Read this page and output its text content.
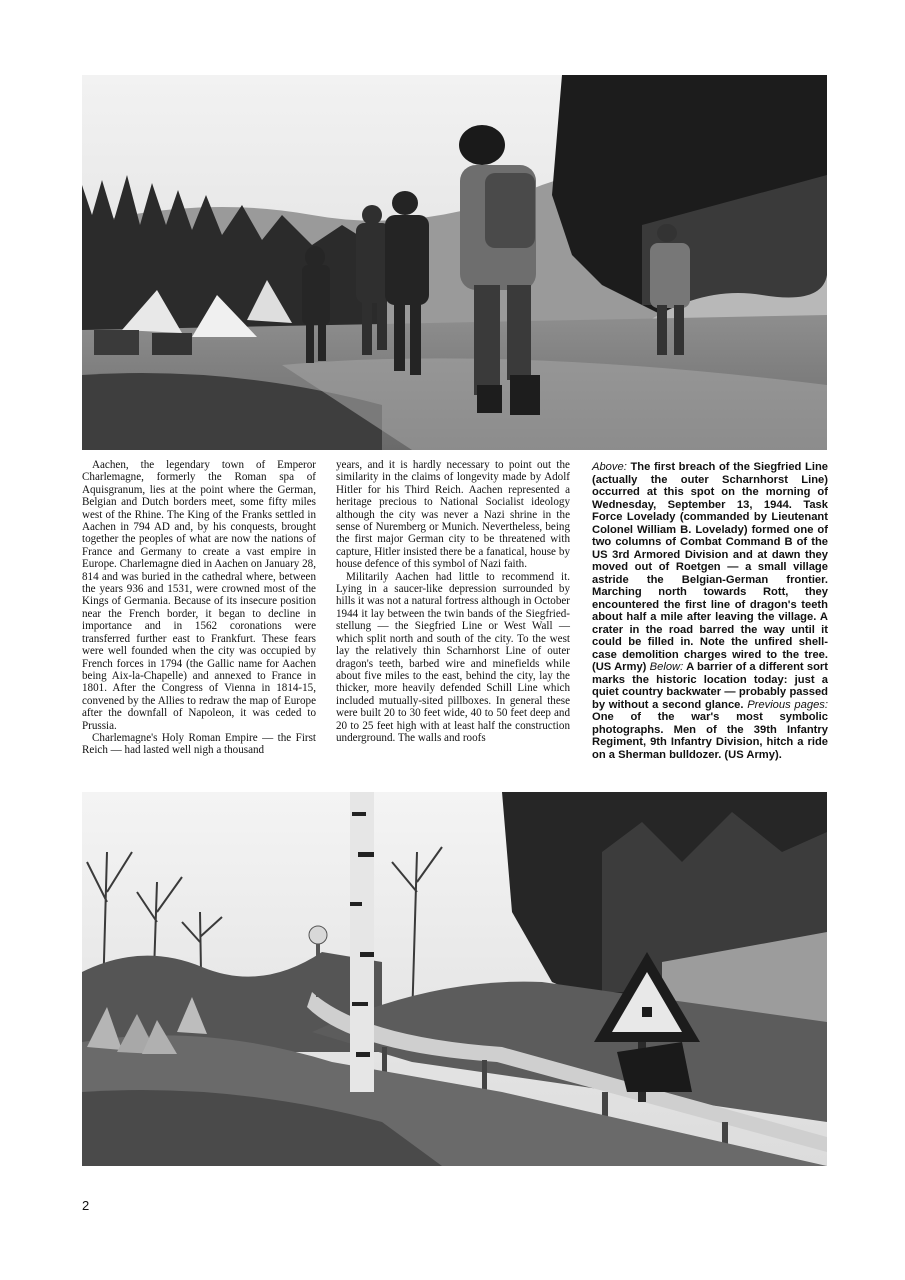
Aachen, the legendary town of Emperor Charlemagne, formerly the Roman spa of Aquisgranum, lies at the point where the German, Belgian and Dutch borders meet, some fifty miles west of the Rhine. The King of the Franks settled in Aachen in 794 AD and, by his conquests, brought together the peoples of what are now the nations of France and Germany to create a vast empire in Europe. Charlemagne died in Aachen on January 28, 814 and was buried in the cathedral where, between the years 936 and 1531, were crowned most of the Kings of Germania. Because of its insecure position near the French border, it began to decline in importance and in 1562 coronations were transferred further east to Frankfurt. These fears were well founded when the city was occupied by French forces in 1794 (the Gallic name for Aachen being Aix-la-Chapelle) and annexed to France in 1801. After the Congress of Vienna in 1814-15, convened by the Allies to redraw the map of Europe after the downfall of Napoleon, it was ceded to Prussia.

Charlemagne's Holy Roman Empire — the First Reich — had lasted well nigh a thousand

years, and it is hardly necessary to point out the similarity in the claims of longevity made by Adolf Hitler for his Third Reich. Aachen represented a heritage precious to National Socialist ideology although the city was never a Nazi shrine in the sense of Nuremberg or Munich. Nevertheless, being the first major German city to be threatened with capture, Hitler insisted there be a fanatical, house by house defence of this symbol of Nazi faith.

Militarily Aachen had little to recommend it. Lying in a saucer-like depression surrounded by hills it was not a natural fortress although in October 1944 it lay between the twin bands of the Siegfried-stellung — the Siegfried Line or West Wall — which split north and south of the city. To the west lay the relatively thin Scharnhorst Line of outer dragon's teeth, barbed wire and minefields while about five miles to the east, behind the city, lay the thicker, more heavily defended Schill Line which included mutually-sited pillboxes. In general these were built 20 to 30 feet wide, 40 to 50 feet deep and 20 to 25 feet high with at least half the construction underground. The walls and roofs

Above: The first breach of the Siegfried Line (actually the outer Scharnhorst Line) occurred at this spot on the morning of Wednesday, September 13, 1944. Task Force Lovelady (commanded by Lieutenant Colonel William B. Lovelady) formed one of two columns of Combat Command B of the US 3rd Armored Division and at dawn they moved out of Roetgen — a small village astride the Belgian-German frontier. Marching north towards Rott, they encountered the first line of dragon's teeth about half a mile after leaving the village. A crater in the road barred the way until it could be filled in. Note the unfired shell-case demolition charges wired to the tree. (US Army) Below: A barrier of a different sort marks the historic location today: just a quiet country backwater — probably passed by without a second glance. Previous pages: One of the war's most symbolic photographs. Men of the 39th Infantry Regiment, 9th Infantry Division, hitch a ride on a Sherman bulldozer. (US Army).
2
